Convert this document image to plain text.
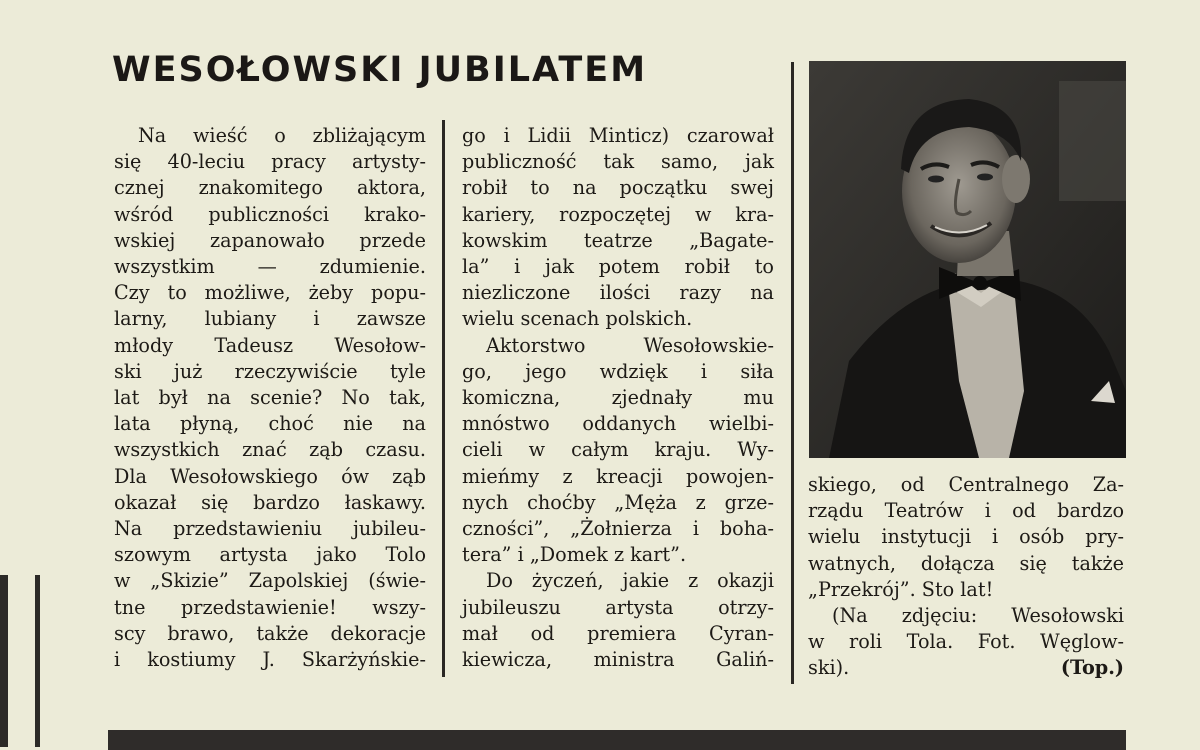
WESOŁOWSKI JUBILATEM
Na wieść o zbliżającym
się 40-leciu pracy artysty-
cznej znakomitego aktora,
wśród publiczności krako-
wskiej zapanowało przede
wszystkim — zdumienie.
Czy to możliwe, żeby popu-
larny, lubiany i zawsze
młody Tadeusz Wesołow-
ski już rzeczywiście tyle
lat był na scenie? No tak,
lata płyną, choć nie na
wszystkich znać ząb czasu.
Dla Wesołowskiego ów ząb
okazał się bardzo łaskawy.
Na przedstawieniu jubileu-
szowym artysta jako Tolo
w „Skizie” Zapolskiej (świe-
tne przedstawienie! wszy-
scy brawo, także dekoracje
i kostiumy J. Skarżyńskie-
go i Lidii Minticz) czarował
publiczność tak samo, jak
robił to na początku swej
kariery, rozpoczętej w kra-
kowskim teatrze „Bagate-
la” i jak potem robił to
niezliczone ilości razy na
wielu scenach polskich.
Aktorstwo Wesołowskie-
go, jego wdzięk i siła
komiczna, zjednały mu
mnóstwo oddanych wielbi-
cieli w całym kraju. Wy-
mieńmy z kreacji powojen-
nych choćby „Męża z grze-
czności”, „Żołnierza i boha-
tera” i „Domek z kart”.
Do życzeń, jakie z okazji
jubileuszu artysta otrzy-
mał od premiera Cyran-
kiewicza, ministra Galiń-
skiego, od Centralnego Za-
rządu Teatrów i od bardzo
wielu instytucji i osób pry-
watnych, dołącza się także
„Przekrój”. Sto lat!
(Na zdjęciu: Wesołowski
w roli Tola. Fot. Węglow-
ski).	(Top.)
